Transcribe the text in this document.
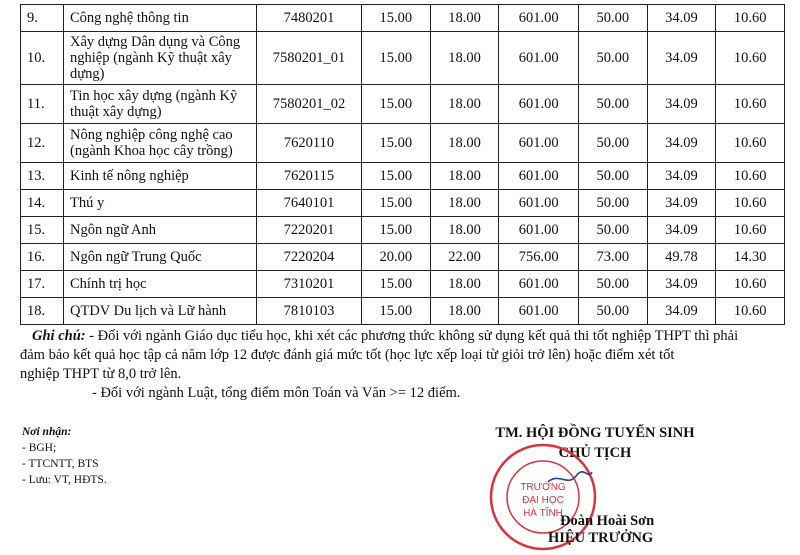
9.	Công nghệ thông tin	7480201	15.00	18.00	601.00	50.00	34.09	10.60
10.	Xây dựng Dân dụng và Công nghiệp (ngành Kỹ thuật xây dựng)	7580201_01	15.00	18.00	601.00	50.00	34.09	10.60
11.	Tin học xây dựng (ngành Kỹ thuật xây dựng)	7580201_02	15.00	18.00	601.00	50.00	34.09	10.60
12.	Nông nghiệp công nghệ cao (ngành Khoa học cây trồng)	7620110	15.00	18.00	601.00	50.00	34.09	10.60
13.	Kinh tế nông nghiệp	7620115	15.00	18.00	601.00	50.00	34.09	10.60
14.	Thú y	7640101	15.00	18.00	601.00	50.00	34.09	10.60
15.	Ngôn ngữ Anh	7220201	15.00	18.00	601.00	50.00	34.09	10.60
16.	Ngôn ngữ Trung Quốc	7220204	20.00	22.00	756.00	73.00	49.78	14.30
17.	Chính trị học	7310201	15.00	18.00	601.00	50.00	34.09	10.60
18.	QTDV Du lịch và Lữ hành	7810103	15.00	18.00	601.00	50.00	34.09	10.60
Ghi chú: - Đối với ngành Giáo dục tiểu học, khi xét các phương thức không sử dụng kết quả thi tốt nghiệp THPT thì phải
đảm bảo kết quả học tập cả năm lớp 12 được đánh giá mức tốt (học lực xếp loại từ giỏi trở lên) hoặc điểm xét tốt
nghiệp THPT từ 8,0 trở lên.
- Đối với ngành Luật, tổng điểm môn Toán và Văn >= 12 điểm.
Nơi nhận:
- BGH;
- TTCNTT, BTS
- Lưu: VT, HĐTS.
TM. HỘI ĐỒNG TUYỂN SINH
CHỦ TỊCH
TRƯỜNG
ĐẠI HỌC
HÀ TĨNH
Đoàn Hoài Sơn
HIỆU TRƯỞNG
